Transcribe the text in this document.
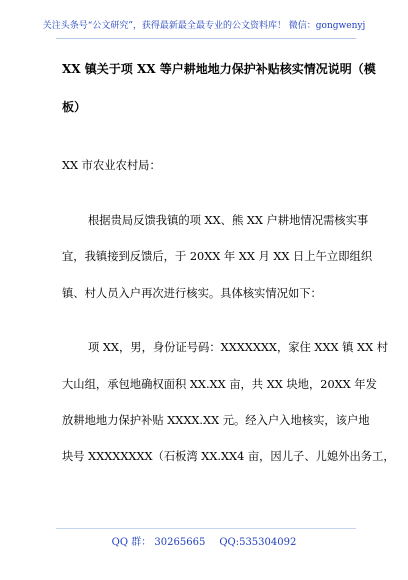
关注头条号“公文研究”，获得最新最全最专业的公文资料库！ 微信：gongwenyj
XX 镇关于项 XX 等户耕地地力保护补贴核实情况说明（模
板）
XX 市农业农村局：
根据贵局反馈我镇的项 XX、熊 XX 户耕地情况需核实事
宜，我镇接到反馈后，于 20XX 年 XX 月 XX 日上午立即组织
镇、村人员入户再次进行核实。具体核实情况如下：
项 XX，男，身份证号码：XXXXXXX，家住 XXX 镇 XX 村
大山组，承包地确权面积 XX.XX 亩，共 XX 块地，20XX 年发
放耕地地力保护补贴 XXXX.XX 元。经入户入地核实，该户地
块号 XXXXXXXX（石板湾 XX.XX4 亩，因儿子、儿媳外出务工，
QQ 群： 30265665 QQ:535304092
